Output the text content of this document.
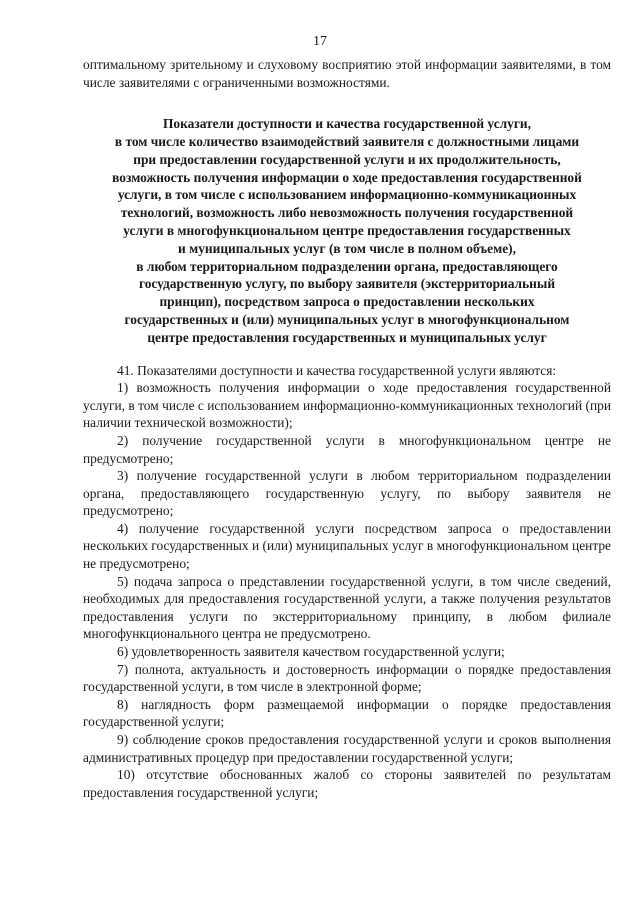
17

оптимальному зрительному и слуховому восприятию этой информации заявителями, в том числе заявителями с ограниченными возможностями.

Показатели доступности и качества государственной услуги,
в том числе количество взаимодействий заявителя с должностными лицами
при предоставлении государственной услуги и их продолжительность,
возможность получения информации о ходе предоставления государственной
услуги, в том числе с использованием информационно-коммуникационных
технологий, возможность либо невозможность получения государственной
услуги в многофункциональном центре предоставления государственных
и муниципальных услуг (в том числе в полном объеме),
в любом территориальном подразделении органа, предоставляющего
государственную услугу, по выбору заявителя (экстерриториальный
принцип), посредством запроса о предоставлении нескольких
государственных и (или) муниципальных услуг в многофункциональном
центре предоставления государственных и муниципальных услуг

41. Показателями доступности и качества государственной услуги являются:

1) возможность получения информации о ходе предоставления государственной услуги, в том числе с использованием информационно-коммуникационных технологий (при наличии технической возможности);

2) получение государственной услуги в многофункциональном центре не предусмотрено;

3) получение государственной услуги в любом территориальном подразделении органа, предоставляющего государственную услугу, по выбору заявителя не предусмотрено;

4) получение государственной услуги посредством запроса о предоставлении нескольких государственных и (или) муниципальных услуг в многофункциональном центре не предусмотрено;

5) подача запроса о представлении государственной услуги, в том числе сведений, необходимых для предоставления государственной услуги, а также получения результатов предоставления услуги по экстерриториальному принципу, в любом филиале многофункционального центра не предусмотрено.

6) удовлетворенность заявителя качеством государственной услуги;

7) полнота, актуальность и достоверность информации о порядке предоставления государственной услуги, в том числе в электронной форме;

8) наглядность форм размещаемой информации о порядке предоставления государственной услуги;

9) соблюдение сроков предоставления государственной услуги и сроков выполнения административных процедур при предоставлении государственной услуги;

10) отсутствие обоснованных жалоб со стороны заявителей по результатам предоставления государственной услуги;
